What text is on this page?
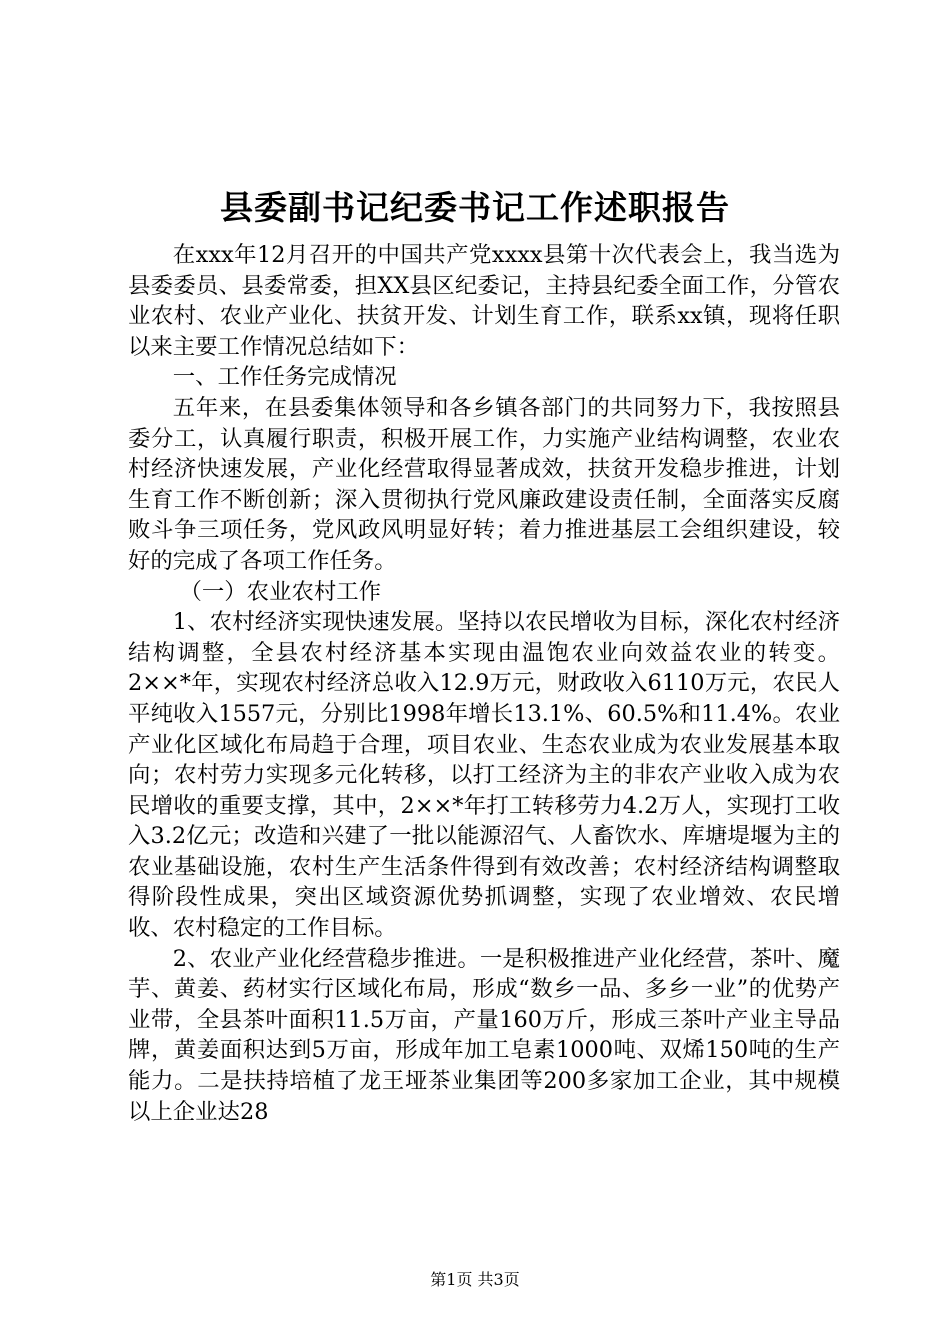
县委副书记纪委书记工作述职报告

在xxx年12月召开的中国共产党xxxx县第十次代表会上，我当选为县委委员、县委常委，担XX县区纪委记，主持县纪委全面工作，分管农业农村、农业产业化、扶贫开发、计划生育工作，联系xx镇，现将任职以来主要工作情况总结如下：

一、工作任务完成情况

五年来，在县委集体领导和各乡镇各部门的共同努力下，我按照县委分工，认真履行职责，积极开展工作，力实施产业结构调整，农业农村经济快速发展，产业化经营取得显著成效，扶贫开发稳步推进，计划生育工作不断创新；深入贯彻执行党风廉政建设责任制，全面落实反腐败斗争三项任务，党风政风明显好转；着力推进基层工会组织建设，较好的完成了各项工作任务。

（一）农业农村工作

1、农村经济实现快速发展。坚持以农民增收为目标，深化农村经济结构调整，全县农村经济基本实现由温饱农业向效益农业的转变。2××*年，实现农村经济总收入12.9万元，财政收入6110万元，农民人平纯收入1557元，分别比1998年增长13.1%、60.5%和11.4%。农业产业化区域化布局趋于合理，项目农业、生态农业成为农业发展基本取向；农村劳力实现多元化转移，以打工经济为主的非农产业收入成为农民增收的重要支撑，其中，2××*年打工转移劳力4.2万人，实现打工收入3.2亿元；改造和兴建了一批以能源沼气、人畜饮水、库塘堤堰为主的农业基础设施，农村生产生活条件得到有效改善；农村经济结构调整取得阶段性成果，突出区域资源优势抓调整，实现了农业增效、农民增收、农村稳定的工作目标。

2、农业产业化经营稳步推进。一是积极推进产业化经营，茶叶、魔芋、黄姜、药材实行区域化布局，形成“数乡一品、多乡一业”的优势产业带，全县茶叶面积11.5万亩，产量160万斤，形成三茶叶产业主导品牌，黄姜面积达到5万亩，形成年加工皂素1000吨、双烯150吨的生产能力。二是扶持培植了龙王垭茶业集团等200多家加工企业，其中规模以上企业达28

第1页 共3页
